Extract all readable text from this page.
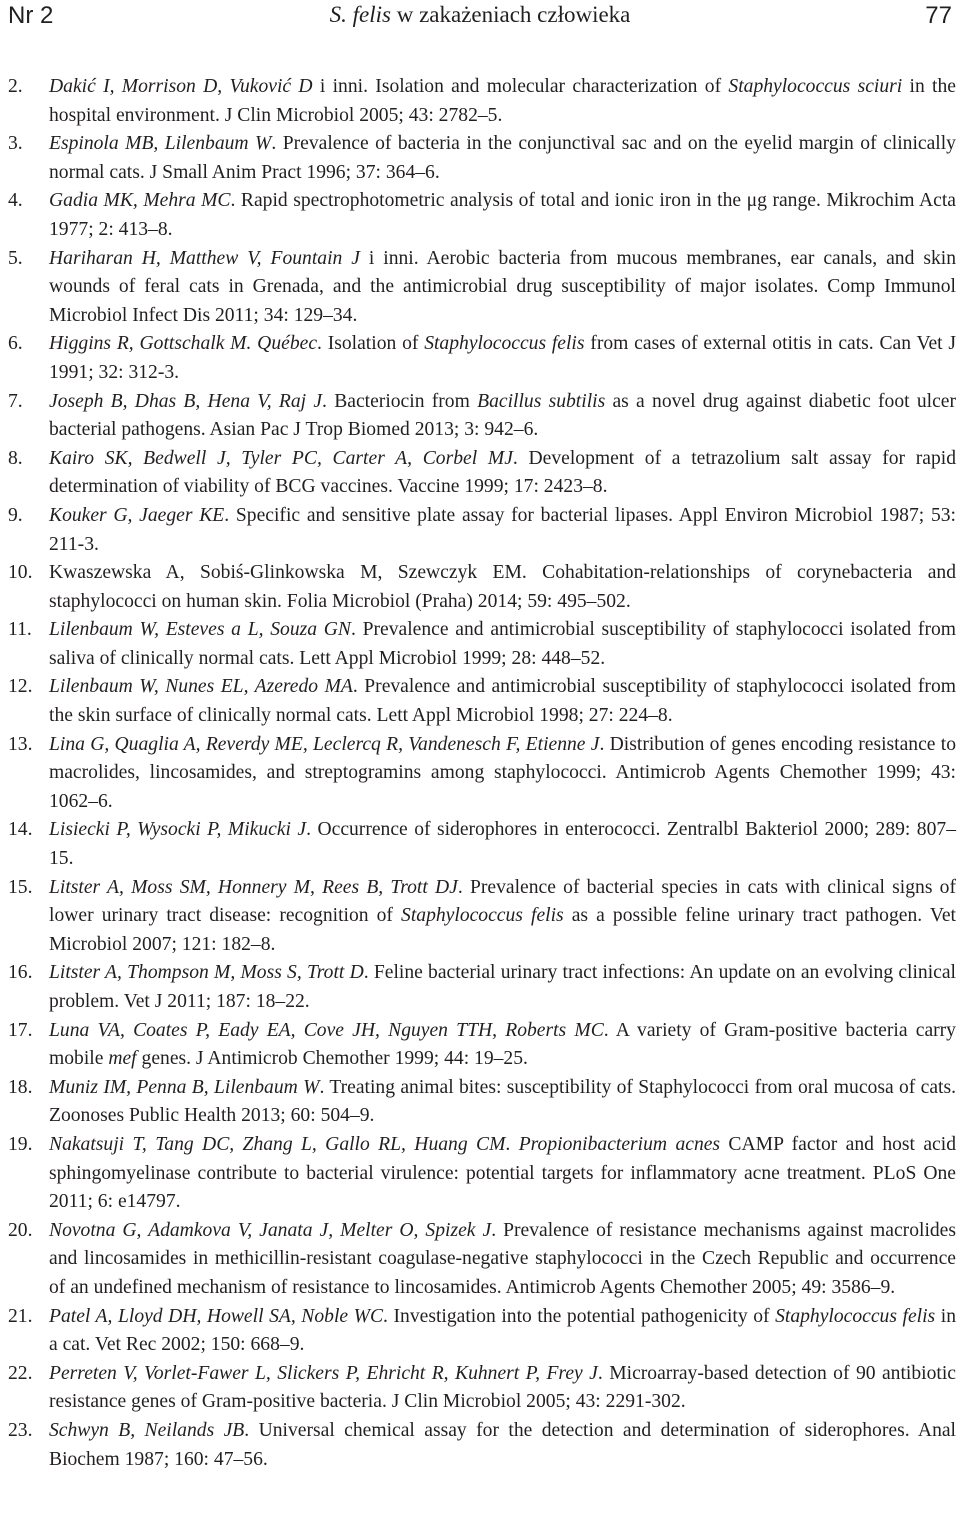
Nr 2	S. felis w zakażeniach człowieka	77
2.	Dakić I, Morrison D, Vuković D i inni. Isolation and molecular characterization of Staphylococcus sciuri in the hospital environment. J Clin Microbiol 2005; 43: 2782–5.
3.	Espinola MB, Lilenbaum W. Prevalence of bacteria in the conjunctival sac and on the eyelid margin of clinically normal cats. J Small Anim Pract 1996; 37: 364–6.
4.	Gadia MK, Mehra MC. Rapid spectrophotometric analysis of total and ionic iron in the μg range. Mikrochim Acta 1977; 2: 413–8.
5.	Hariharan H, Matthew V, Fountain J i inni. Aerobic bacteria from mucous membranes, ear canals, and skin wounds of feral cats in Grenada, and the antimicrobial drug susceptibility of major isolates. Comp Immunol Microbiol Infect Dis 2011; 34: 129–34.
6.	Higgins R, Gottschalk M. Québec. Isolation of Staphylococcus felis from cases of external otitis in cats. Can Vet J 1991; 32: 312-3.
7.	Joseph B, Dhas B, Hena V, Raj J. Bacteriocin from Bacillus subtilis as a novel drug against diabetic foot ulcer bacterial pathogens. Asian Pac J Trop Biomed 2013; 3: 942–6.
8.	Kairo SK, Bedwell J, Tyler PC, Carter A, Corbel MJ. Development of a tetrazolium salt assay for rapid determination of viability of BCG vaccines. Vaccine 1999; 17: 2423–8.
9.	Kouker G, Jaeger KE. Specific and sensitive plate assay for bacterial lipases. Appl Environ Microbiol 1987; 53: 211-3.
10. Kwaszewska A, Sobiś-Glinkowska M, Szewczyk EM. Cohabitation-relationships of corynebacteria and staphylococci on human skin. Folia Microbiol (Praha) 2014; 59: 495–502.
11. Lilenbaum W, Esteves a L, Souza GN. Prevalence and antimicrobial susceptibility of staphylococci isolated from saliva of clinically normal cats. Lett Appl Microbiol 1999; 28: 448–52.
12. Lilenbaum W, Nunes EL, Azeredo MA. Prevalence and antimicrobial susceptibility of staphylococci isolated from the skin surface of clinically normal cats. Lett Appl Microbiol 1998; 27: 224–8.
13. Lina G, Quaglia A, Reverdy ME, Leclercq R, Vandenesch F, Etienne J. Distribution of genes encoding resistance to macrolides, lincosamides, and streptogramins among staphylococci. Antimicrob Agents Chemother 1999; 43: 1062–6.
14. Lisiecki P, Wysocki P, Mikucki J. Occurrence of siderophores in enterococci. Zentralbl Bakteriol 2000; 289: 807–15.
15. Litster A, Moss SM, Honnery M, Rees B, Trott DJ. Prevalence of bacterial species in cats with clinical signs of lower urinary tract disease: recognition of Staphylococcus felis as a possible feline urinary tract pathogen. Vet Microbiol 2007; 121: 182–8.
16. Litster A, Thompson M, Moss S, Trott D. Feline bacterial urinary tract infections: An update on an evolving clinical problem. Vet J 2011; 187: 18–22.
17. Luna VA, Coates P, Eady EA, Cove JH, Nguyen TTH, Roberts MC. A variety of Gram-positive bacteria carry mobile mef genes. J Antimicrob Chemother 1999; 44: 19–25.
18. Muniz IM, Penna B, Lilenbaum W. Treating animal bites: susceptibility of Staphylococci from oral mucosa of cats. Zoonoses Public Health 2013; 60: 504–9.
19. Nakatsuji T, Tang DC, Zhang L, Gallo RL, Huang CM. Propionibacterium acnes CAMP factor and host acid sphingomyelinase contribute to bacterial virulence: potential targets for inflammatory acne treatment. PLoS One 2011; 6: e14797.
20. Novotna G, Adamkova V, Janata J, Melter O, Spizek J. Prevalence of resistance mechanisms against macrolides and lincosamides in methicillin-resistant coagulase-negative staphylococci in the Czech Republic and occurrence of an undefined mechanism of resistance to lincosamides. Antimicrob Agents Chemother 2005; 49: 3586–9.
21. Patel A, Lloyd DH, Howell SA, Noble WC. Investigation into the potential pathogenicity of Staphylococcus felis in a cat. Vet Rec 2002; 150: 668–9.
22. Perreten V, Vorlet-Fawer L, Slickers P, Ehricht R, Kuhnert P, Frey J. Microarray-based detection of 90 antibiotic resistance genes of Gram-positive bacteria. J Clin Microbiol 2005; 43: 2291-302.
23. Schwyn B, Neilands JB. Universal chemical assay for the detection and determination of siderophores. Anal Biochem 1987; 160: 47–56.
